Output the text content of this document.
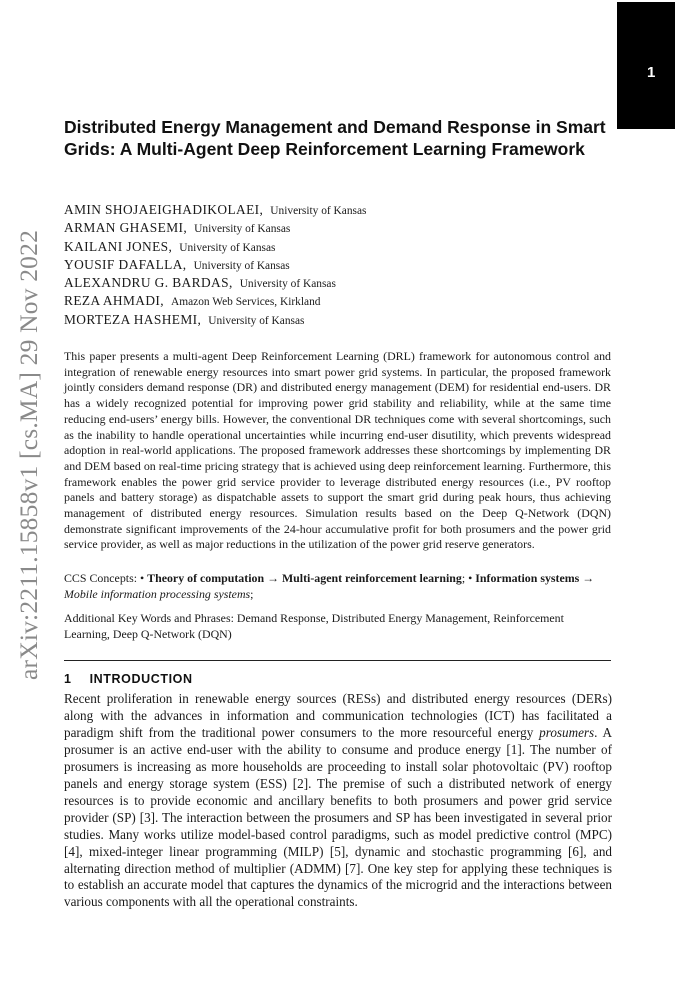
1
arXiv:2211.15858v1 [cs.MA] 29 Nov 2022
Distributed Energy Management and Demand Response in Smart Grids: A Multi-Agent Deep Reinforcement Learning Framework
AMIN SHOJAEIGHADIKOLAEI, University of Kansas
ARMAN GHASEMI, University of Kansas
KAILANI JONES, University of Kansas
YOUSIF DAFALLA, University of Kansas
ALEXANDRU G. BARDAS, University of Kansas
REZA AHMADI, Amazon Web Services, Kirkland
MORTEZA HASHEMI, University of Kansas

This paper presents a multi-agent Deep Reinforcement Learning (DRL) framework for autonomous control and integration of renewable energy resources into smart power grid systems. In particular, the proposed framework jointly considers demand response (DR) and distributed energy management (DEM) for residential end-users. DR has a widely recognized potential for improving power grid stability and reliability, while at the same time reducing end-users’ energy bills. However, the conventional DR techniques come with several shortcomings, such as the inability to handle operational uncertainties while incurring end-user disutility, which prevents widespread adoption in real-world applications. The proposed framework addresses these shortcomings by implementing DR and DEM based on real-time pricing strategy that is achieved using deep reinforcement learning. Furthermore, this framework enables the power grid service provider to leverage distributed energy resources (i.e., PV rooftop panels and battery storage) as dispatchable assets to support the smart grid during peak hours, thus achieving management of distributed energy resources. Simulation results based on the Deep Q-Network (DQN) demonstrate significant improvements of the 24-hour accumulative profit for both prosumers and the power grid service provider, as well as major reductions in the utilization of the power grid reserve generators.

CCS Concepts: • Theory of computation → Multi-agent reinforcement learning; • Information systems → Mobile information processing systems;

Additional Key Words and Phrases: Demand Response, Distributed Energy Management, Reinforcement Learning, Deep Q-Network (DQN)

1 INTRODUCTION

Recent proliferation in renewable energy sources (RESs) and distributed energy resources (DERs) along with the advances in information and communication technologies (ICT) has facilitated a paradigm shift from the traditional power consumers to the more resourceful energy prosumers. A prosumer is an active end-user with the ability to consume and produce energy [1]. The number of prosumers is increasing as more households are proceeding to install solar photovoltaic (PV) rooftop panels and energy storage system (ESS) [2]. The premise of such a distributed network of energy resources is to provide economic and ancillary benefits to both prosumers and power grid service provider (SP) [3]. The interaction between the prosumers and SP has been investigated in several prior studies. Many works utilize model-based control paradigms, such as model predictive control (MPC) [4], mixed-integer linear programming (MILP) [5], dynamic and stochastic programming [6], and alternating direction method of multiplier (ADMM) [7]. One key step for applying these techniques is to establish an accurate model that captures the dynamics of the microgrid and the interactions between various components with all the operational constraints.
